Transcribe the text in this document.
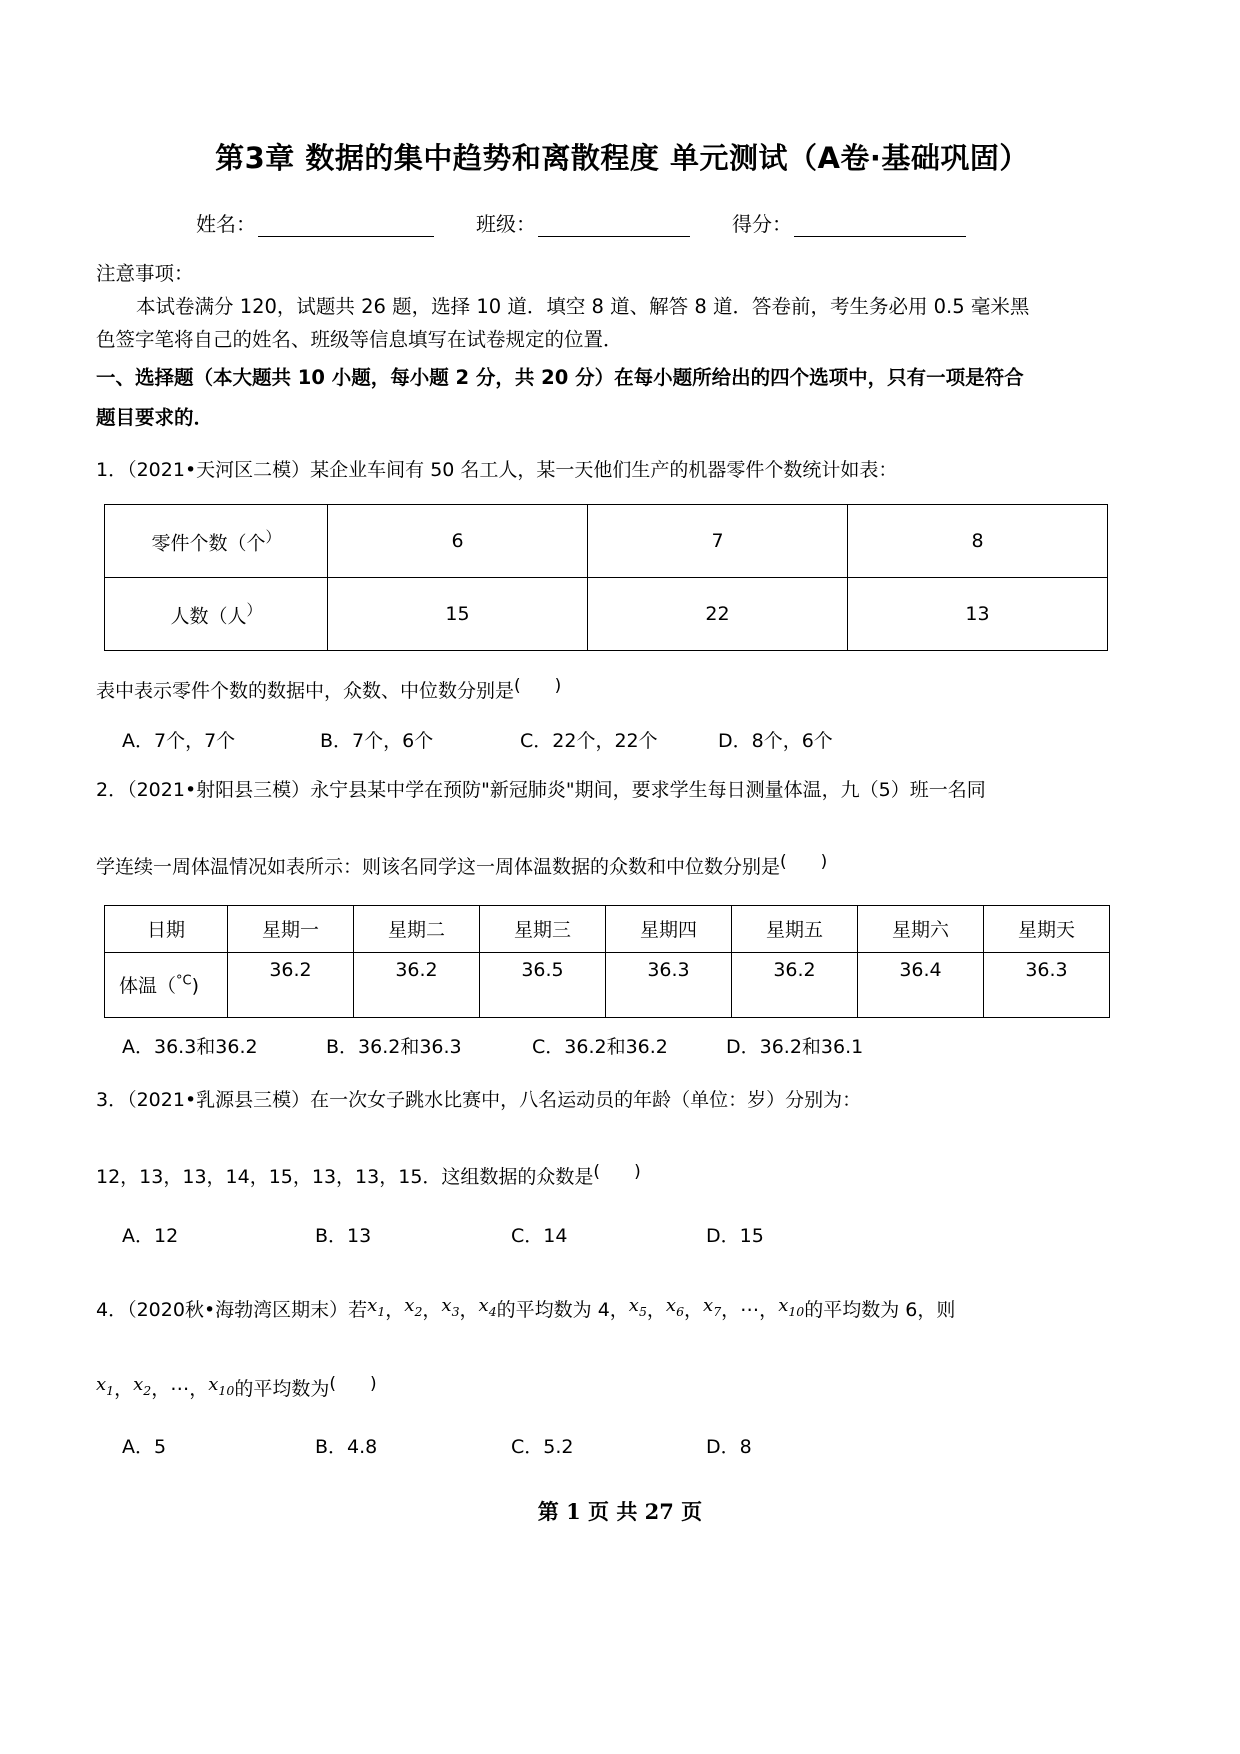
第3章 数据的集中趋势和离散程度 单元测试（A卷·基础巩固）
姓名：	班级：	得分：
注意事项：
本试卷满分 120，试题共 26 题，选择 10 道．填空 8 道、解答 8 道．答卷前，考生务必用 0.5 毫米黑
色签字笔将自己的姓名、班级等信息填写在试卷规定的位置．
一、选择题（本大题共 10 小题，每小题 2 分，共 20 分）在每小题所给出的四个选项中，只有一项是符合
题目要求的．
1．（2021•天河区二模）某企业车间有 50 名工人，某一天他们生产的机器零件个数统计如表：
零件个数（个）	6	7	8
人数（人）	15	22	13
表中表示零件个数的数据中，众数、中位数分别是( )
A．7个，7个	B．7个，6个	C．22个，22个	D．8个，6个
2．（2021•射阳县三模）永宁县某中学在预防"新冠肺炎"期间，要求学生每日测量体温，九（5）班一名同
学连续一周体温情况如表所示：则该名同学这一周体温数据的众数和中位数分别是( )
日期	星期一	星期二	星期三	星期四	星期五	星期六	星期天
体温（$^{^\circ C}$)	36.2	36.2	36.5	36.3	36.2	36.4	36.3
A．36.3和36.2	B．36.2和36.3	C．36.2和36.2	D．36.2和36.1
3．（2021•乳源县三模）在一次女子跳水比赛中，八名运动员的年龄（单位：岁）分别为：
12，13，13，14，15，13，13，15．这组数据的众数是( )
A．12	B．13	C．14	D．15
4．（2020秋•海勃湾区期末）若$x_1$，$x_2$，$x_3$，$x_4$的平均数为 4，$x_5$，$x_6$，$x_7$，…，$x_{10}$的平均数为 6，则
$x_1$，$x_2$，…，$x_{10}$的平均数为( )
A．5	B．4.8	C．5.2	D．8
第 1 页 共 27 页
